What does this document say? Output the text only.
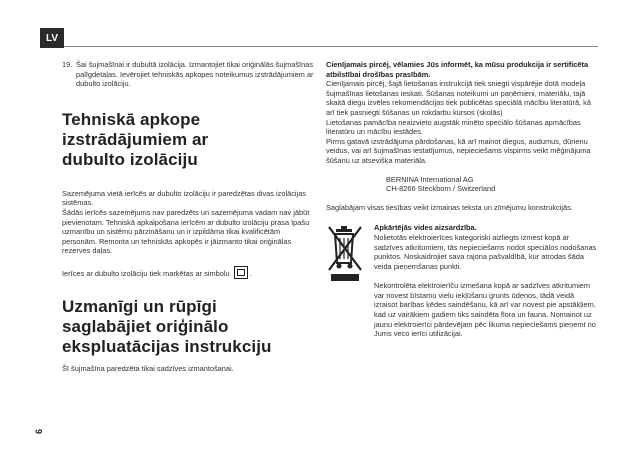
LV
6
19. Šai šujmašīnai ir dubultā izolācija. Izmantojiet tikai oriģinālās šujmašīnas palīgdetaļas. Ievērojiet tehniskās apkopes noteikumus izstrādājumiem ar dubulto izolāciju.
Tehniskā apkope
izstrādājumiem ar
dubulto izolāciju

Sazemējuma vietā ierīcēs ar dubulto izolāciju ir paredzētas divas izolācijas sistēmas.

Šādās ierīcēs sazemējums nav paredzēts un sazemējuma vadam nav jābūt pievienotam. Tehniskā apkalpošana ierīcēm ar dubulto izolāciju prasa īpašu uzmanību un sistēmu pārzināšanu un ir izpildāma tikai kvalificētām personām. Remonta un tehniskās apkopēs ir jāizmanto tikai oriģinālas rezerves daļas.

Ierīces ar dubulto izolāciju tiek marķētas ar simbolu	.

Uzmanīgi un rūpīgi
saglabājiet oriģinālo
ekspluatācijas instrukciju

Šī šujmašīna paredzēta tikai sadzīves izmantošanai.

Cienījamais pircēj, vēlamies Jūs informēt, ka mūsu produkcija ir sertificēta atbilstībai drošības prasībām.

Cienījamais pircēj, šajā lietošanas instrukcijā tiek sniegti vispārējie dotā modeļa šujmašīnas lietošanas ieskati. Šūšanas noteikumi un paņēmieni, materiālu, tajā skaitā diegu izvēles rekomendācijas tiek publicētas speciālā mācību literatūrā, kā arī tiek pasniegti šūšanas un rokdarbu kursos (skolās)

Lietošanas pamācība neaizvieto augstāk minēto speciālo šūšanas apmācības literatūru un mācību iestādes.

Pirms gatavā izstrādājuma pārdošanas, kā arī mainot diegus, audumus, dūrienu veidus, vai arī šujmašīnas iestatījumus, nepieciešams vispirms veikt mēģinājuma šūšanu uz atsevišķa materiāla.

BERNINA International AG
CH-8266 Steckborn / Switzerland

Saglabājam visas tiesības veikt izmaiņas teksta un zīmējumu konstrukcijās.

Apkārtējās vides aizsardzība.

Nolietotās elektroierīces kategoriski aizliegts izmest kopā ar sadzīves atkritumiem, tās nepieciešams nodot speciālos nodošanas punktos. Noskaidrojiet sava rajona pašvaldībā, kur atrodas šāda veida pieņemšanas punkti.

Nekontrolēta elektroierīču izmešana kopā ar sadzīves atkritumiem var novest bīstamu vielu iekļūšanu grunts ūdeņos, tādā veidā izraisot barības ķēdes saindēšanu, kā arī var novest pie apstākļiem, kad uz vairākiem gadiem tiks saindēta flora un fauna. Nomainot uz jaunu elektroierīci pārdevējam pēc likuma nepieciešams pieņemt no Jums veco ierīci utilizācijai.
